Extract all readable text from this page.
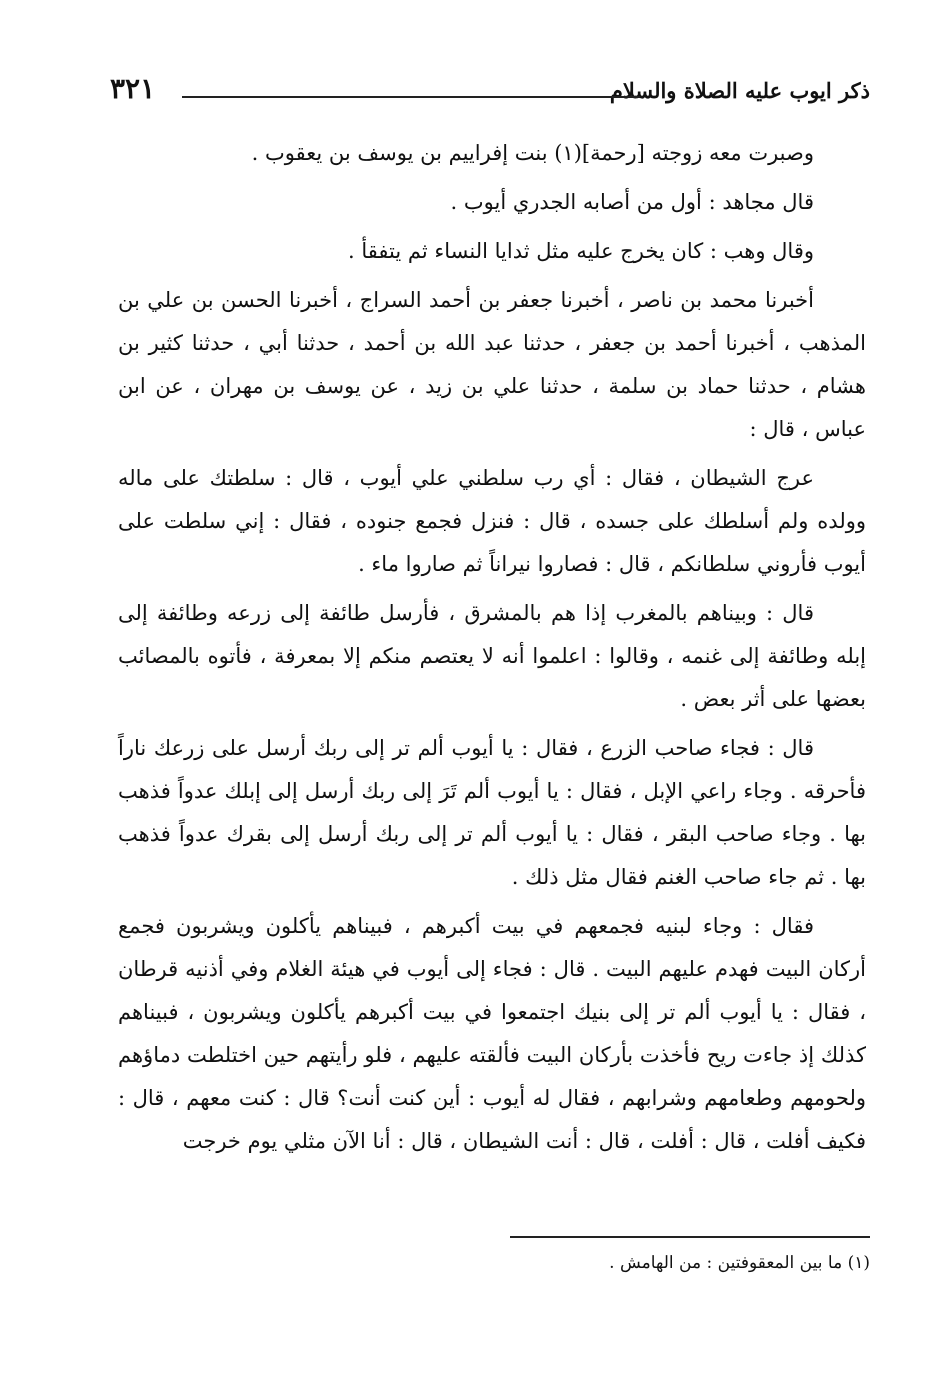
ذكر ايوب عليه الصلاة والسلام
٣٢١

وصبرت معه زوجته [رحمة](١) بنت إفراييم بن يوسف بن يعقوب .

قال مجاهد : أول من أصابه الجدري أيوب .

وقال وهب : كان يخرج عليه مثل ثدايا النساء ثم يتفقأ .

أخبرنا محمد بن ناصر ، أخبرنا جعفر بن أحمد السراج ، أخبرنا الحسن بن علي بن المذهب ، أخبرنا أحمد بن جعفر ، حدثنا عبد الله بن أحمد ، حدثنا أبي ، حدثنا كثير بن هشام ، حدثنا حماد بن سلمة ، حدثنا علي بن زيد ، عن يوسف بن مهران ، عن ابن عباس ، قال :

عرج الشيطان ، فقال : أي رب سلطني علي أيوب ، قال : سلطتك على ماله وولده ولم أسلطك على جسده ، قال : فنزل فجمع جنوده ، فقال : إني سلطت على أيوب فأروني سلطانكم ، قال : فصاروا نيراناً ثم صاروا ماء .

قال : وبيناهم بالمغرب إذا هم بالمشرق ، فأرسل طائفة إلى زرعه وطائفة إلى إبله وطائفة إلى غنمه ، وقالوا : اعلموا أنه لا يعتصم منكم إلا بمعرفة ، فأتوه بالمصائب بعضها على أثر بعض .

قال : فجاء صاحب الزرع ، فقال : يا أيوب ألم تر إلى ربك أرسل على زرعك ناراً فأحرقه . وجاء راعي الإبل ، فقال : يا أيوب ألم تَرَ إلى ربك أرسل إلى إبلك عدواً فذهب بها . وجاء صاحب البقر ، فقال : يا أيوب ألم تر إلى ربك أرسل إلى بقرك عدواً فذهب بها . ثم جاء صاحب الغنم فقال مثل ذلك .

فقال : وجاء لبنيه فجمعهم في بيت أكبرهم ، فبيناهم يأكلون ويشربون فجمع أركان البيت فهدم عليهم البيت . قال : فجاء إلى أيوب في هيئة الغلام وفي أذنيه قرطان ، فقال : يا أيوب ألم تر إلى بنيك اجتمعوا في بيت أكبرهم يأكلون ويشربون ، فبيناهم كذلك إذ جاءت ريح فأخذت بأركان البيت فألقته عليهم ، فلو رأيتهم حين اختلطت دماؤهم ولحومهم وطعامهم وشرابهم ، فقال له أيوب : أين كنت أنت؟ قال : كنت معهم ، قال : فكيف أفلت ، قال : أفلت ، قال : أنت الشيطان ، قال : أنا الآن مثلي يوم خرجت

(١) ما بين المعقوفتين : من الهامش .
